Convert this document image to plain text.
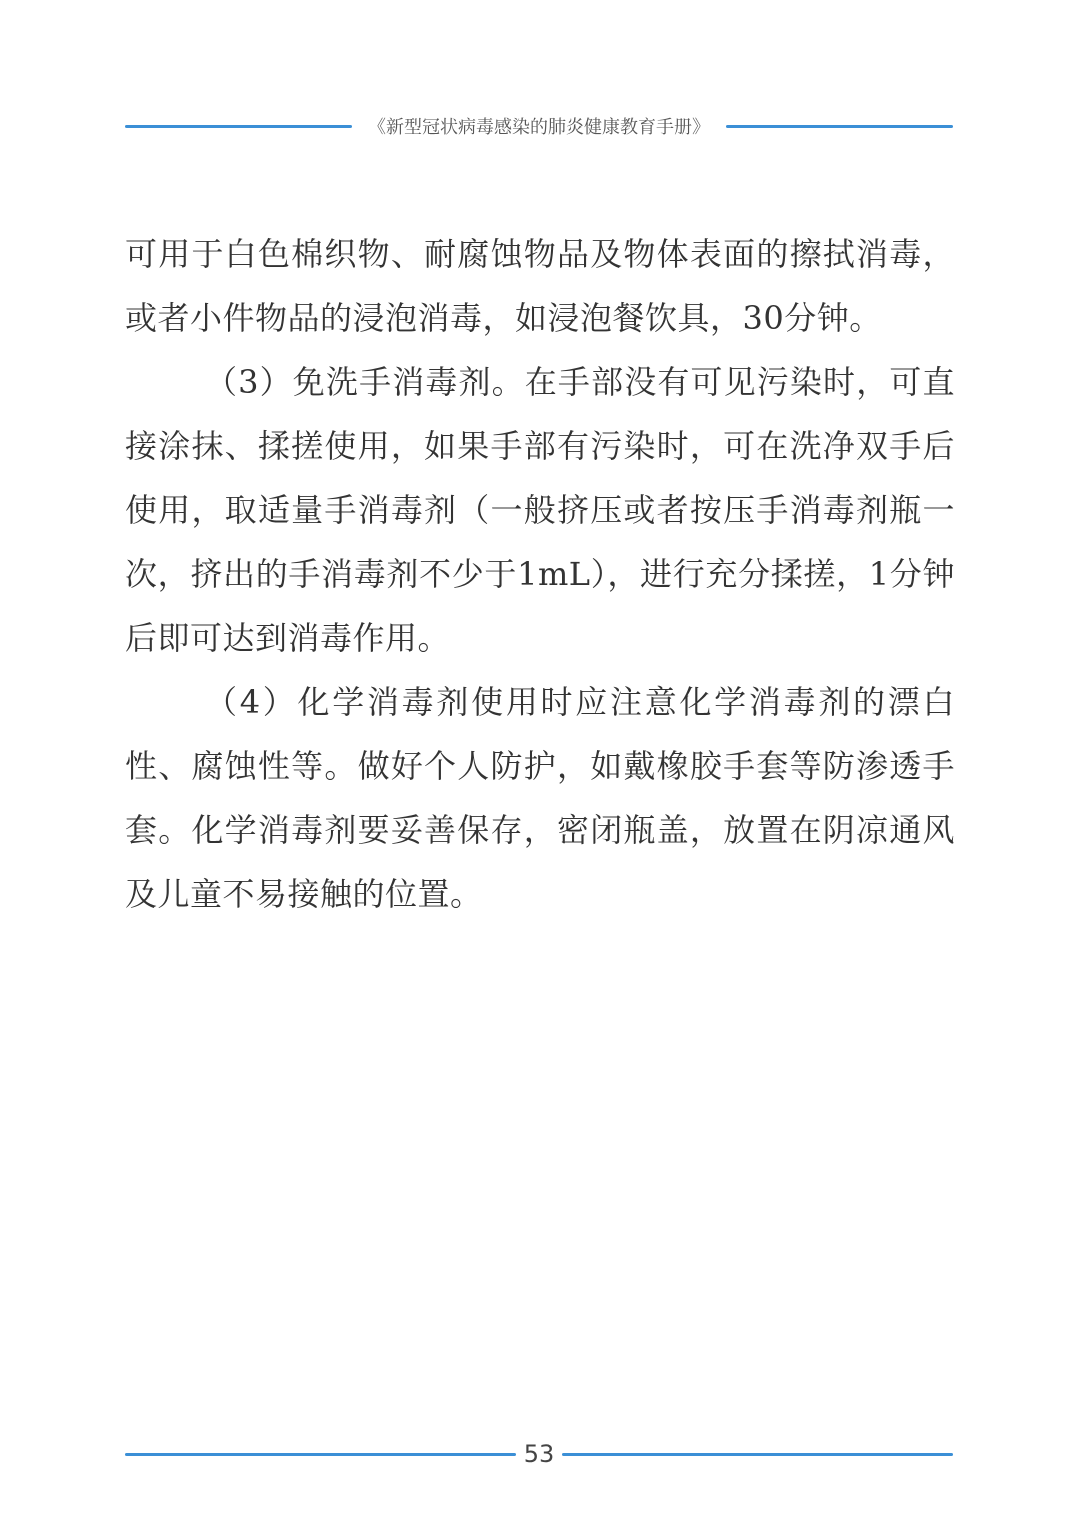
《新型冠状病毒感染的肺炎健康教育手册》

可用于白色棉织物、耐腐蚀物品及物体表面的擦拭消毒，或者小件物品的浸泡消毒，如浸泡餐饮具，30分钟。

（3）免洗手消毒剂。在手部没有可见污染时，可直接涂抹、揉搓使用，如果手部有污染时，可在洗净双手后使用，取适量手消毒剂（一般挤压或者按压手消毒剂瓶一次，挤出的手消毒剂不少于1mL），进行充分揉搓，1分钟后即可达到消毒作用。

（4）化学消毒剂使用时应注意化学消毒剂的漂白性、腐蚀性等。做好个人防护，如戴橡胶手套等防渗透手套。化学消毒剂要妥善保存，密闭瓶盖，放置在阴凉通风及儿童不易接触的位置。

53
